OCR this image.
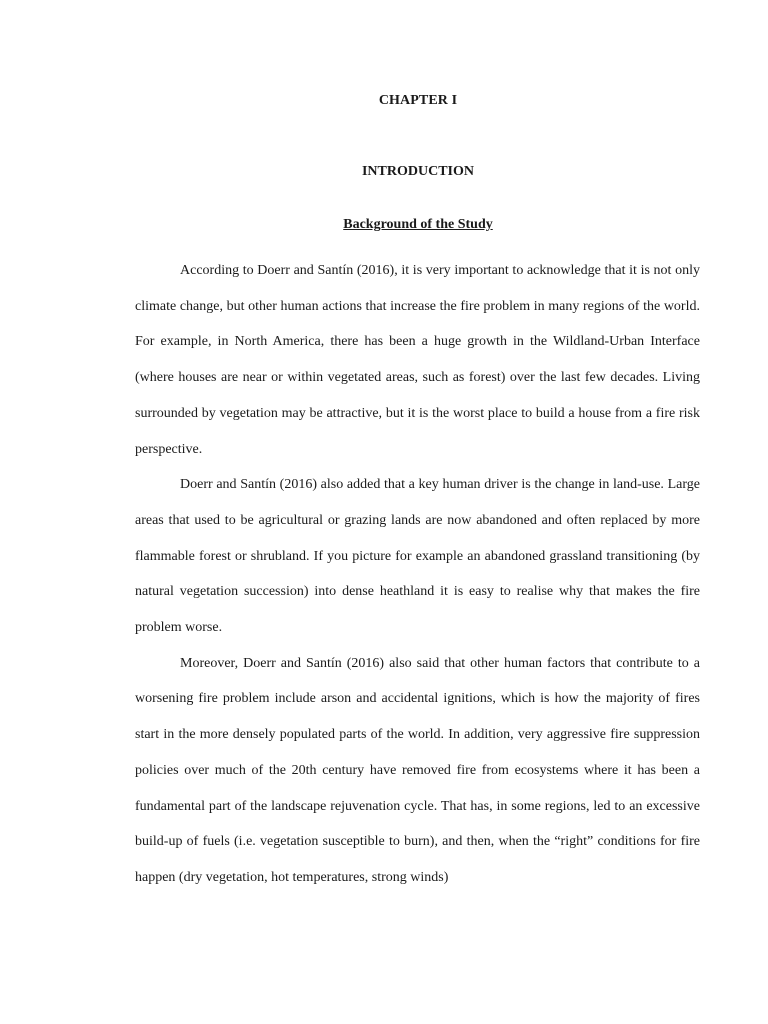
CHAPTER I
INTRODUCTION
Background of the Study

According to Doerr and Santín (2016), it is very important to acknowledge that it is not only climate change, but other human actions that increase the fire problem in many regions of the world. For example, in North America, there has been a huge growth in the Wildland-Urban Interface (where houses are near or within vegetated areas, such as forest) over the last few decades. Living surrounded by vegetation may be attractive, but it is the worst place to build a house from a fire risk perspective.

Doerr and Santín (2016) also added that a key human driver is the change in land-use. Large areas that used to be agricultural or grazing lands are now abandoned and often replaced by more flammable forest or shrubland. If you picture for example an abandoned grassland transitioning (by natural vegetation succession) into dense heathland it is easy to realise why that makes the fire problem worse.

Moreover, Doerr and Santín (2016) also said that other human factors that contribute to a worsening fire problem include arson and accidental ignitions, which is how the majority of fires start in the more densely populated parts of the world. In addition, very aggressive fire suppression policies over much of the 20th century have removed fire from ecosystems where it has been a fundamental part of the landscape rejuvenation cycle. That has, in some regions, led to an excessive build-up of fuels (i.e. vegetation susceptible to burn), and then, when the “right” conditions for fire happen (dry vegetation, hot temperatures, strong winds)
